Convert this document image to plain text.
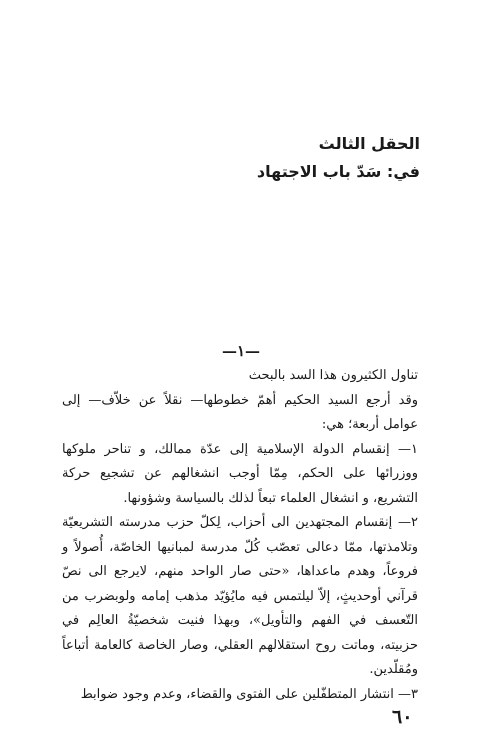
الحقل الثالث
في: سَدّ باب الاجتهاد
—١—

تناول الكثيرون هذا السد بالبحث

وقد أرجع السيد الحكيم أهمّ خطوطها— نقلاً عن خلاّف— إلى عوامل أربعة؛ هي:

١— إنقسام الدولة الإسلامية إلى عدّة ممالك، و تناحر ملوكها ووزرائها على الحكم، مِمّا أوجب انشغالهم عن تشجيع حركة التشريع، و انشغال العلماء تبعاً لذلك بالسياسة وشؤونها.

٢— إنقسام المجتهدين الى أحزاب، لِكلّ حزب مدرسته التشريعيّة وتلامذتها، ممّا دعالى تعصّب كُلّ مدرسة لمبانيها الخاصّة، أُصولاً و فروعاً، وهدم ماعداها، «حتى صار الواحد منهم، لايرجع الى نصّ قرآني أوحديثٍ، إلاّ ليلتمس فيه مايُؤيّد مذهب إمامه ولوبضرب من التّعسف في الفهم والتأويل»، وبهذا فنيت شخصيّةُ العالِم في حزبيته، وماتت روح استقلالهم العقلي، وصار الخاصة كالعامة أتباعاً ومُقلّدين.

٣— انتشار المتطفّلين على الفتوى والقضاء، وعدم وجود ضوابط

٦٠
